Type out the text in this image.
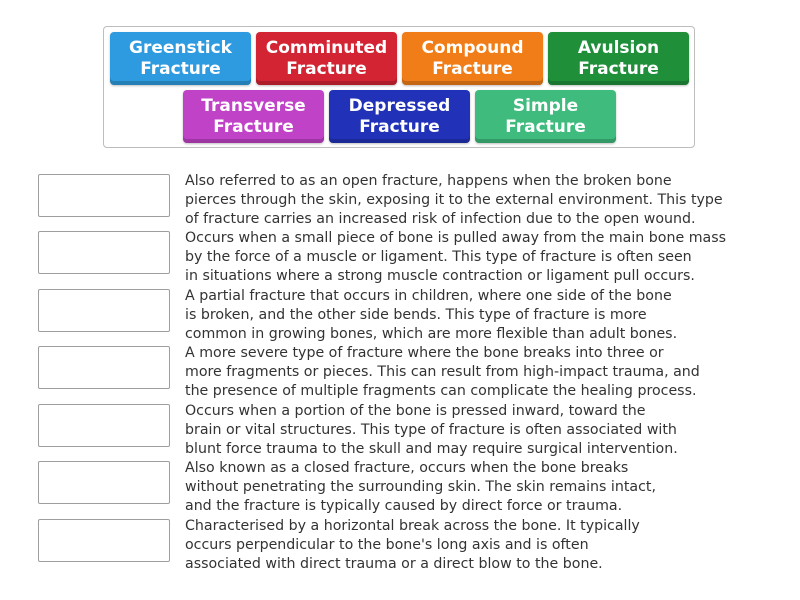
Greenstick
Fracture
Comminuted
Fracture
Compound
Fracture
Avulsion
Fracture
Transverse
Fracture
Depressed
Fracture
Simple
Fracture
Also referred to as an open fracture, happens when the broken bone
pierces through the skin, exposing it to the external environment. This type
of fracture carries an increased risk of infection due to the open wound.
Occurs when a small piece of bone is pulled away from the main bone mass
by the force of a muscle or ligament. This type of fracture is often seen
in situations where a strong muscle contraction or ligament pull occurs.
A partial fracture that occurs in children, where one side of the bone
is broken, and the other side bends. This type of fracture is more
common in growing bones, which are more flexible than adult bones.
A more severe type of fracture where the bone breaks into three or
more fragments or pieces. This can result from high-impact trauma, and
the presence of multiple fragments can complicate the healing process.
Occurs when a portion of the bone is pressed inward, toward the
brain or vital structures. This type of fracture is often associated with
blunt force trauma to the skull and may require surgical intervention.
Also known as a closed fracture, occurs when the bone breaks
without penetrating the surrounding skin. The skin remains intact,
and the fracture is typically caused by direct force or trauma.
Characterised by a horizontal break across the bone. It typically
occurs perpendicular to the bone's long axis and is often
associated with direct trauma or a direct blow to the bone.
